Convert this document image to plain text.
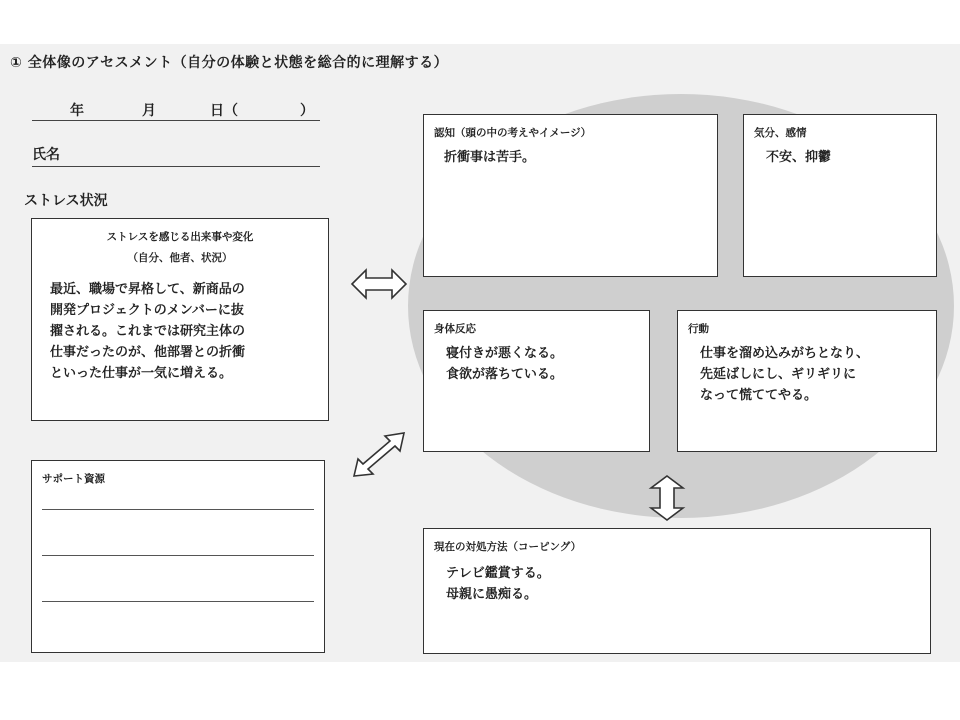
① 全体像のアセスメント（自分の体験と状態を総合的に理解する）
年	月	日（	）
氏名
ストレス状況
ストレスを感じる出来事や変化
（自分、他者、状況）
最近、職場で昇格して、新商品の
開発プロジェクトのメンバーに抜
擢される。これまでは研究主体の
仕事だったのが、他部署との折衝
といった仕事が一気に増える。
サポート資源
認知（頭の中の考えやイメージ）
折衝事は苦手。
気分、感情
不安、抑鬱
身体反応
寝付きが悪くなる。
食欲が落ちている。
行動
仕事を溜め込みがちとなり、
先延ばしにし、ギリギリに
なって慌ててやる。
現在の対処方法（コーピング）
テレビ鑑賞する。
母親に愚痴る。
